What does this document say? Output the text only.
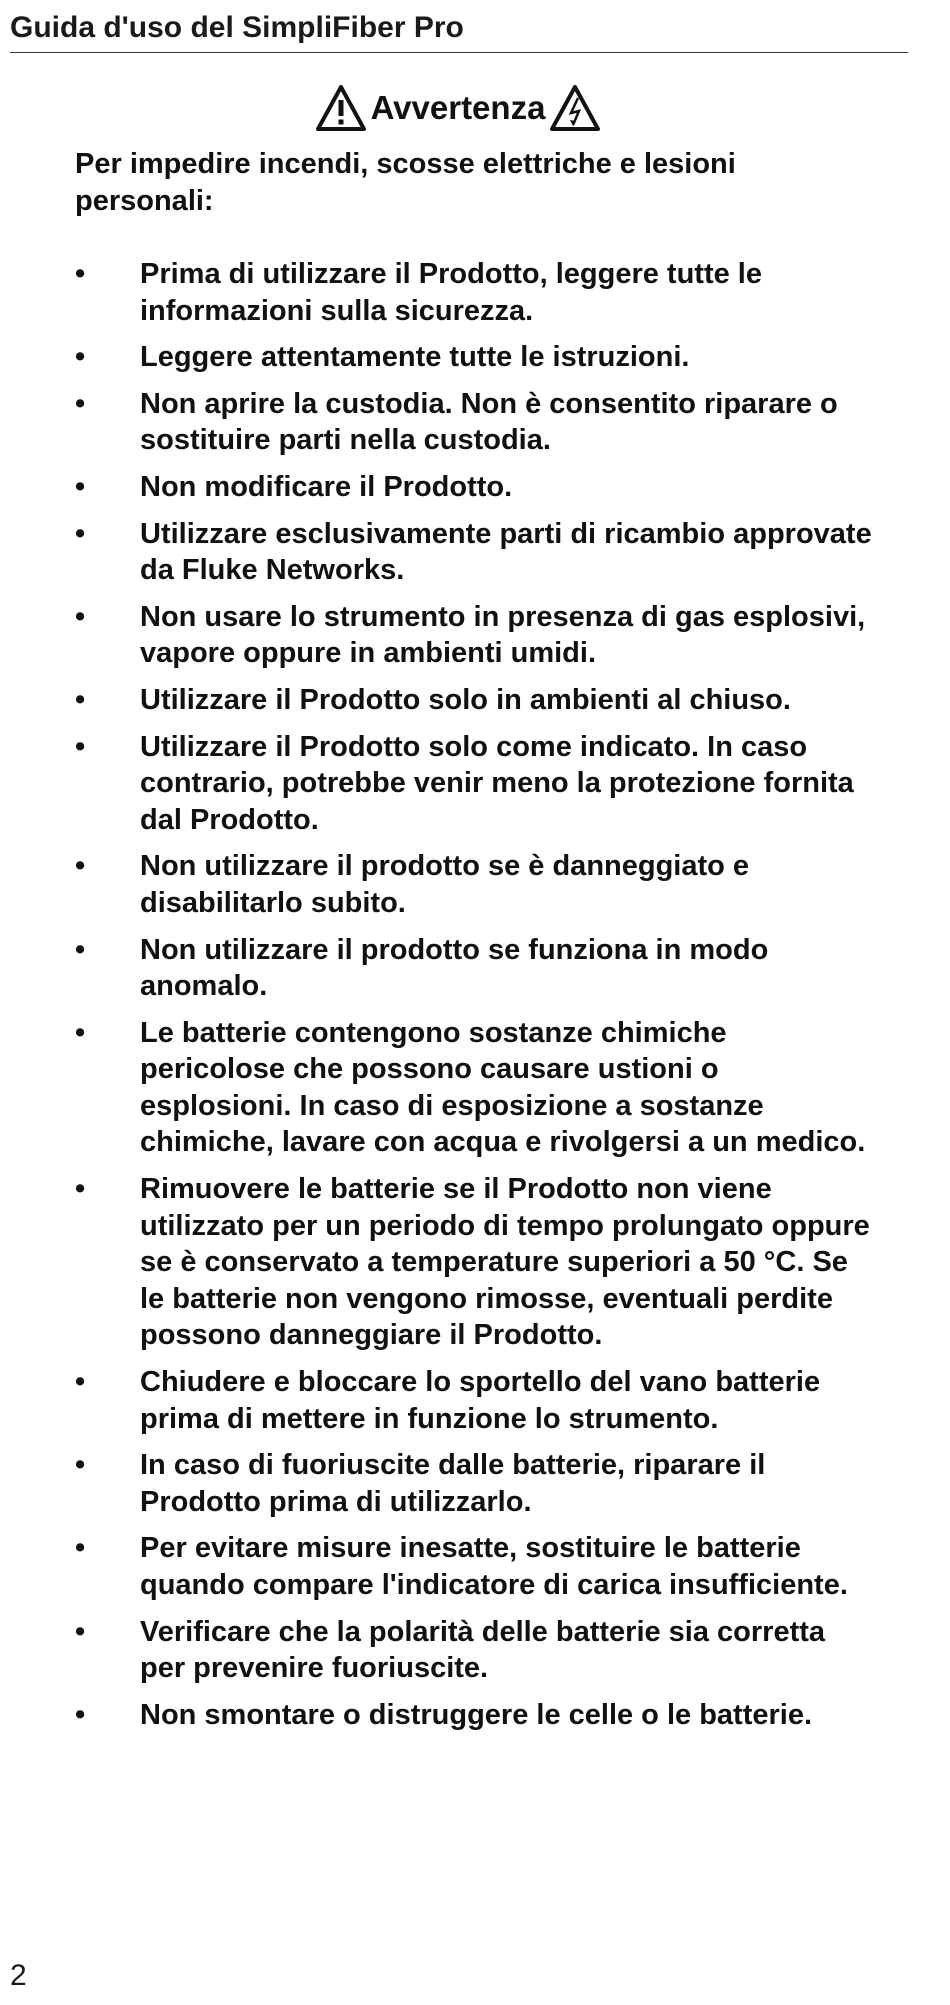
Guida d'uso del SimpliFiber Pro
Avvertenza

Per impedire incendi, scosse elettriche e lesioni personali:

•	Prima di utilizzare il Prodotto, leggere tutte le informazioni sulla sicurezza.
•	Leggere attentamente tutte le istruzioni.
•	Non aprire la custodia. Non è consentito riparare o sostituire parti nella custodia.
•	Non modificare il Prodotto.
•	Utilizzare esclusivamente parti di ricambio approvate da Fluke Networks.
•	Non usare lo strumento in presenza di gas esplosivi, vapore oppure in ambienti umidi.
•	Utilizzare il Prodotto solo in ambienti al chiuso.
•	Utilizzare il Prodotto solo come indicato. In caso contrario, potrebbe venir meno la protezione fornita dal Prodotto.
•	Non utilizzare il prodotto se è danneggiato e disabilitarlo subito.
•	Non utilizzare il prodotto se funziona in modo anomalo.
•	Le batterie contengono sostanze chimiche pericolose che possono causare ustioni o esplosioni. In caso di esposizione a sostanze chimiche, lavare con acqua e rivolgersi a un medico.
•	Rimuovere le batterie se il Prodotto non viene utilizzato per un periodo di tempo prolungato oppure se è conservato a temperature superiori a 50 °C. Se le batterie non vengono rimosse, eventuali perdite possono danneggiare il Prodotto.
•	Chiudere e bloccare lo sportello del vano batterie prima di mettere in funzione lo strumento.
•	In caso di fuoriuscite dalle batterie, riparare il Prodotto prima di utilizzarlo.
•	Per evitare misure inesatte, sostituire le batterie quando compare l'indicatore di carica insufficiente.
•	Verificare che la polarità delle batterie sia corretta per prevenire fuoriuscite.
•	Non smontare o distruggere le celle o le batterie.
2
